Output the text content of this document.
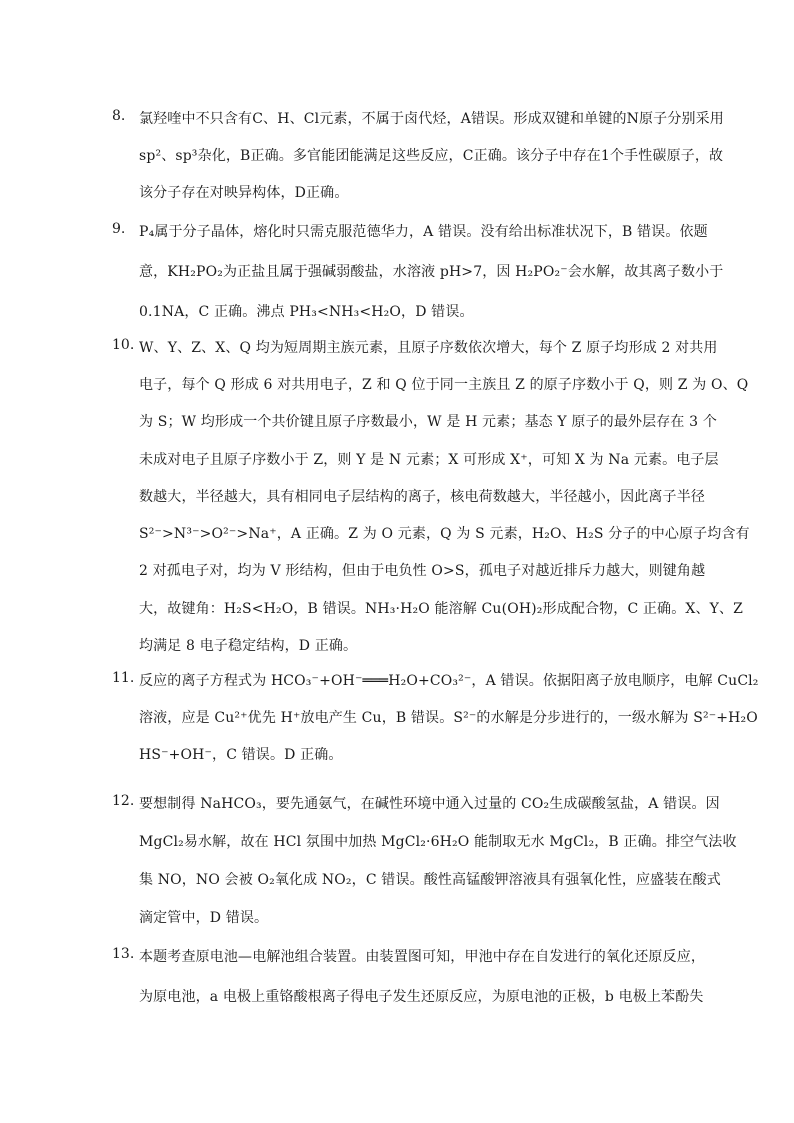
8. 氯羟喹中不只含有C、H、Cl元素，不属于卤代烃，A错误。形成双键和单键的N原子分别采用
sp²、sp³杂化，B正确。多官能团能满足这些反应，C正确。该分子中存在1个手性碳原子，故
该分子存在对映异构体，D正确。
9. P₄属于分子晶体，熔化时只需克服范德华力，A 错误。没有给出标准状况下，B 错误。依题
意，KH₂PO₂为正盐且属于强碱弱酸盐，水溶液 pH>7，因 H₂PO₂⁻会水解，故其离子数小于
0.1NA，C 正确。沸点 PH₃<NH₃<H₂O，D 错误。
10. W、Y、Z、X、Q 均为短周期主族元素，且原子序数依次增大，每个 Z 原子均形成 2 对共用
电子，每个 Q 形成 6 对共用电子，Z 和 Q 位于同一主族且 Z 的原子序数小于 Q，则 Z 为 O、Q
为 S；W 均形成一个共价键且原子序数最小，W 是 H 元素；基态 Y 原子的最外层存在 3 个
未成对电子且原子序数小于 Z，则 Y 是 N 元素；X 可形成 X⁺，可知 X 为 Na 元素。电子层
数越大，半径越大，具有相同电子层结构的离子，核电荷数越大，半径越小，因此离子半径
S²⁻>N³⁻>O²⁻>Na⁺，A 正确。Z 为 O 元素，Q 为 S 元素，H₂O、H₂S 分子的中心原子均含有
2 对孤电子对，均为 V 形结构，但由于电负性 O>S，孤电子对越近排斥力越大，则键角越
大，故键角：H₂S<H₂O，B 错误。NH₃·H₂O 能溶解 Cu(OH)₂形成配合物，C 正确。X、Y、Z
均满足 8 电子稳定结构，D 正确。
11. 反应的离子方程式为 HCO₃⁻+OH⁻═══H₂O+CO₃²⁻，A 错误。依据阳离子放电顺序，电解 CuCl₂
溶液，应是 Cu²⁺优先 H⁺放电产生 Cu，B 错误。S²⁻的水解是分步进行的，一级水解为 S²⁻+H₂O
HS⁻+OH⁻，C 错误。D 正确。
12. 要想制得 NaHCO₃，要先通氨气，在碱性环境中通入过量的 CO₂生成碳酸氢盐，A 错误。因
MgCl₂易水解，故在 HCl 氛围中加热 MgCl₂·6H₂O 能制取无水 MgCl₂，B 正确。排空气法收
集 NO，NO 会被 O₂氧化成 NO₂，C 错误。酸性高锰酸钾溶液具有强氧化性，应盛装在酸式
滴定管中，D 错误。
13. 本题考查原电池—电解池组合装置。由装置图可知，甲池中存在自发进行的氧化还原反应，
为原电池，a 电极上重铬酸根离子得电子发生还原反应，为原电池的正极，b 电极上苯酚失
